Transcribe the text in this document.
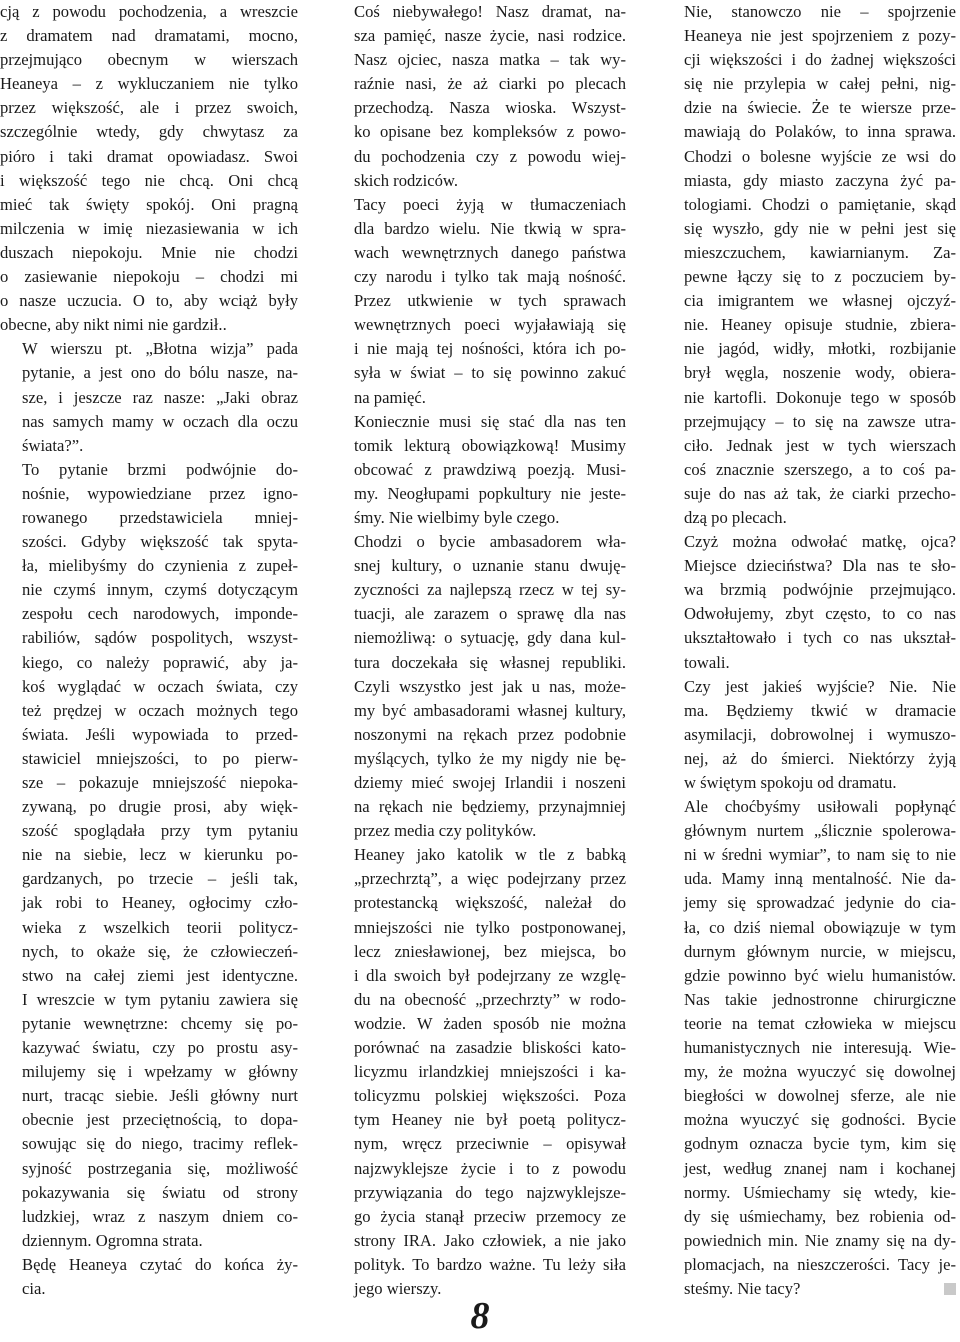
cją z powodu pochodzenia, a wreszcie
z dramatem nad dramatami, mocno,
przejmująco obecnym w wierszach
Heaneya – z wykluczaniem nie tylko
przez większość, ale i przez swoich,
szczególnie wtedy, gdy chwytasz za
pióro i taki dramat opowiadasz. Swoi
i większość tego nie chcą. Oni chcą
mieć tak święty spokój. Oni pragną
milczenia w imię niezasiewania w ich
duszach niepokoju. Mnie nie chodzi
o zasiewanie niepokoju – chodzi mi
o nasze uczucia. O to, aby wciąż były
obecne, aby nikt nimi nie gardził..

W wierszu pt. „Błotna wizja” pada
pytanie, a jest ono do bólu nasze, na-
sze, i jeszcze raz nasze: „Jaki obraz
nas samych mamy w oczach dla oczu
świata?”.

To pytanie brzmi podwójnie do-
nośnie, wypowiedziane przez igno-
rowanego przedstawiciela mniej-
szości. Gdyby większość tak spyta-
ła, mielibyśmy do czynienia z zupeł-
nie czymś innym, czymś dotyczącym
zespołu cech narodowych, imponde-
rabiliów, sądów pospolitych, wszyst-
kiego, co należy poprawić, aby ja-
koś wyglądać w oczach świata, czy
też prędzej w oczach możnych tego
świata. Jeśli wypowiada to przed-
stawiciel mniejszości, to po pierw-
sze – pokazuje mniejszość niepoka-
zywaną, po drugie prosi, aby więk-
szość spoglądała przy tym pytaniu
nie na siebie, lecz w kierunku po-
gardzanych, po trzecie – jeśli tak,
jak robi to Heaney, ogłocimy czło-
wieka z wszelkich teorii politycz-
nych, to okaże się, że człowieczeń-
stwo na całej ziemi jest identyczne.
I wreszcie w tym pytaniu zawiera się
pytanie wewnętrzne: chcemy się po-
kazywać światu, czy po prostu asy-
milujemy się i wpełzamy w główny
nurt, tracąc siebie. Jeśli główny nurt
obecnie jest przeciętnością, to dopa-
sowując się do niego, tracimy reflek-
syjność postrzegania się, możliwość
pokazywania się światu od strony
ludzkiej, wraz z naszym dniem co-
dziennym. Ogromna strata.

Będę Heaneya czytać do końca ży-
cia.

Coś niebywałego! Nasz dramat, na-
sza pamięć, nasze życie, nasi rodzice.
Nasz ojciec, nasza matka – tak wy-
raźnie nasi, że aż ciarki po plecach
przechodzą. Nasza wioska. Wszyst-
ko opisane bez kompleksów z powo-
du pochodzenia czy z powodu wiej-
skich rodziców.

Tacy poeci żyją w tłumaczeniach
dla bardzo wielu. Nie tkwią w spra-
wach wewnętrznych danego państwa
czy narodu i tylko tak mają nośność.
Przez utkwienie w tych sprawach
wewnętrznych poeci wyjaławiają się
i nie mają tej nośności, która ich po-
syła w świat – to się powinno zakuć
na pamięć.

Koniecznie musi się stać dla nas ten
tomik lekturą obowiązkową! Musimy
obcować z prawdziwą poezją. Musi-
my. Neogłupami popkultury nie jeste-
śmy. Nie wielbimy byle czego.

Chodzi o bycie ambasadorem wła-
snej kultury, o uznanie stanu dwuję-
zyczności za najlepszą rzecz w tej sy-
tuacji, ale zarazem o sprawę dla nas
niemożliwą: o sytuację, gdy dana kul-
tura doczekała się własnej republiki.
Czyli wszystko jest jak u nas, może-
my być ambasadorami własnej kultury,
noszonymi na rękach przez podobnie
myślących, tylko że my nigdy nie bę-
dziemy mieć swojej Irlandii i noszeni
na rękach nie będziemy, przynajmniej
przez media czy polityków.

Heaney jako katolik w tle z babką
„przechrztą”, a więc podejrzany przez
protestancką większość, należał do
mniejszości nie tylko postponowanej,
lecz zniesławionej, bez miejsca, bo
i dla swoich był podejrzany ze wzglę-
du na obecność „przechrzty” w rodo-
wodzie. W żaden sposób nie można
porównać na zasadzie bliskości kato-
licyzmu irlandzkiej mniejszości i ka-
tolicyzmu polskiej większości. Poza
tym Heaney nie był poetą politycz-
nym, wręcz przeciwnie – opisywał
najzwyklejsze życie i to z powodu
przywiązania do tego najzwyklejsze-
go życia stanął przeciw przemocy ze
strony IRA. Jako człowiek, a nie jako
polityk. To bardzo ważne. Tu leży siła
jego wierszy.

Nie, stanowczo nie – spojrzenie
Heaneya nie jest spojrzeniem z pozy-
cji większości i do żadnej większości
się nie przylepia w całej pełni, nig-
dzie na świecie. Że te wiersze prze-
mawiają do Polaków, to inna sprawa.
Chodzi o bolesne wyjście ze wsi do
miasta, gdy miasto zaczyna żyć pa-
tologiami. Chodzi o pamiętanie, skąd
się wyszło, gdy nie w pełni jest się
mieszczuchem, kawiarnianym. Za-
pewne łączy się to z poczuciem by-
cia imigrantem we własnej ojczyź-
nie. Heaney opisuje studnie, zbiera-
nie jagód, widły, młotki, rozbijanie
brył węgla, noszenie wody, obiera-
nie kartofli. Dokonuje tego w sposób
przejmujący – to się na zawsze utra-
ciło. Jednak jest w tych wierszach
coś znacznie szerszego, a to coś pa-
suje do nas aż tak, że ciarki przecho-
dzą po plecach.

Czyż można odwołać matkę, ojca?
Miejsce dzieciństwa? Dla nas te sło-
wa brzmią podwójnie przejmująco.
Odwołujemy, zbyt często, to co nas
ukształtowało i tych co nas ukształ-
towali.

Czy jest jakieś wyjście? Nie. Nie
ma. Będziemy tkwić w dramacie
asymilacji, dobrowolnej i wymuszo-
nej, aż do śmierci. Niektórzy żyją
w świętym spokoju od dramatu.

Ale choćbyśmy usiłowali popłynąć
głównym nurtem „ślicznie spolerowa-
ni w średni wymiar”, to nam się to nie
uda. Mamy inną mentalność. Nie da-
jemy się sprowadzać jedynie do cia-
ła, co dziś niemal obowiązuje w tym
durnym głównym nurcie, w miejscu,
gdzie powinno być wielu humanistów.
Nas takie jednostronne chirurgiczne
teorie na temat człowieka w miejscu
humanistycznych nie interesują. Wie-
my, że można wyuczyć się dowolnej
biegłości w dowolnej sferze, ale nie
można wyuczyć się godności. Bycie
godnym oznacza bycie tym, kim się
jest, według znanej nam i kochanej
normy. Uśmiechamy się wtedy, kie-
dy się uśmiechamy, bez robienia od-
powiednich min. Nie znamy się na dy-
plomacjach, na nieszczerości. Tacy je-
steśmy. Nie tacy?

8
